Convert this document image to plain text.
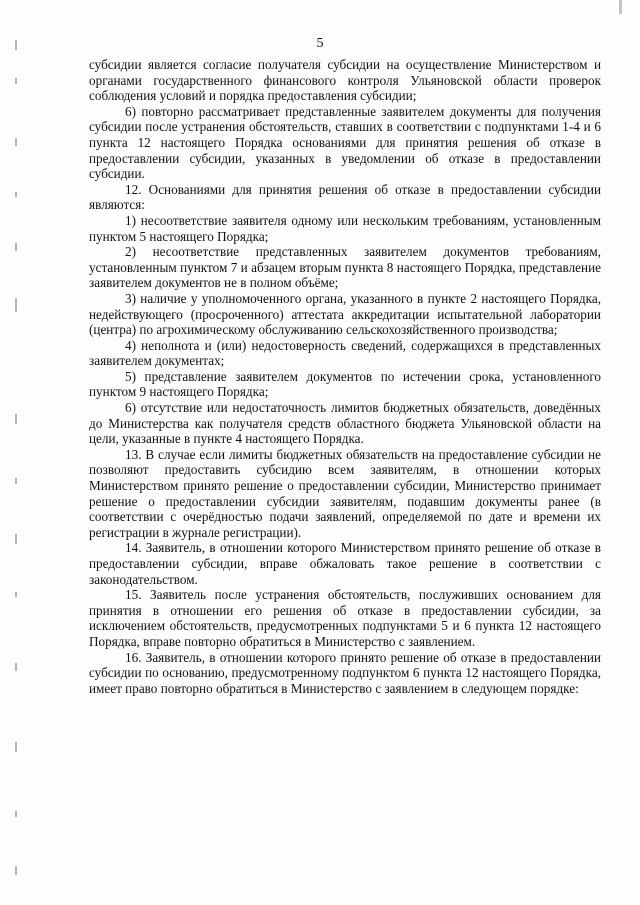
5

субсидии является согласие получателя субсидии на осуществление Министерством и органами государственного финансового контроля Ульяновской области проверок соблюдения условий и порядка предоставления субсидии;

6) повторно рассматривает представленные заявителем документы для получения субсидии после устранения обстоятельств, ставших в соответствии с подпунктами 1-4 и 6 пункта 12 настоящего Порядка основаниями для принятия решения об отказе в предоставлении субсидии, указанных в уведомлении об отказе в предоставлении субсидии.

12. Основаниями для принятия решения об отказе в предоставлении субсидии являются:

1) несоответствие заявителя одному или нескольким требованиям, установленным пунктом 5 настоящего Порядка;

2) несоответствие представленных заявителем документов требованиям, установленным пунктом 7 и абзацем вторым пункта 8 настоящего Порядка, представление заявителем документов не в полном объёме;

3) наличие у уполномоченного органа, указанного в пункте 2 настоящего Порядка, недействующего (просроченного) аттестата аккредитации испытательной лаборатории (центра) по агрохимическому обслуживанию сельскохозяйственного производства;

4) неполнота и (или) недостоверность сведений, содержащихся в представленных заявителем документах;

5) представление заявителем документов по истечении срока, установленного пунктом 9 настоящего Порядка;

6) отсутствие или недостаточность лимитов бюджетных обязательств, доведённых до Министерства как получателя средств областного бюджета Ульяновской области на цели, указанные в пункте 4 настоящего Порядка.

13. В случае если лимиты бюджетных обязательств на предоставление субсидии не позволяют предоставить субсидию всем заявителям, в отношении которых Министерством принято решение о предоставлении субсидии, Министерство принимает решение о предоставлении субсидии заявителям, подавшим документы ранее (в соответствии с очерёдностью подачи заявлений, определяемой по дате и времени их регистрации в журнале регистрации).

14. Заявитель, в отношении которого Министерством принято решение об отказе в предоставлении субсидии, вправе обжаловать такое решение в соответствии с законодательством.

15. Заявитель после устранения обстоятельств, послуживших основанием для принятия в отношении его решения об отказе в предоставлении субсидии, за исключением обстоятельств, предусмотренных подпунктами 5 и 6 пункта 12 настоящего Порядка, вправе повторно обратиться в Министерство с заявлением.

16. Заявитель, в отношении которого принято решение об отказе в предоставлении субсидии по основанию, предусмотренному подпунктом 6 пункта 12 настоящего Порядка, имеет право повторно обратиться в Министерство с заявлением в следующем порядке:
